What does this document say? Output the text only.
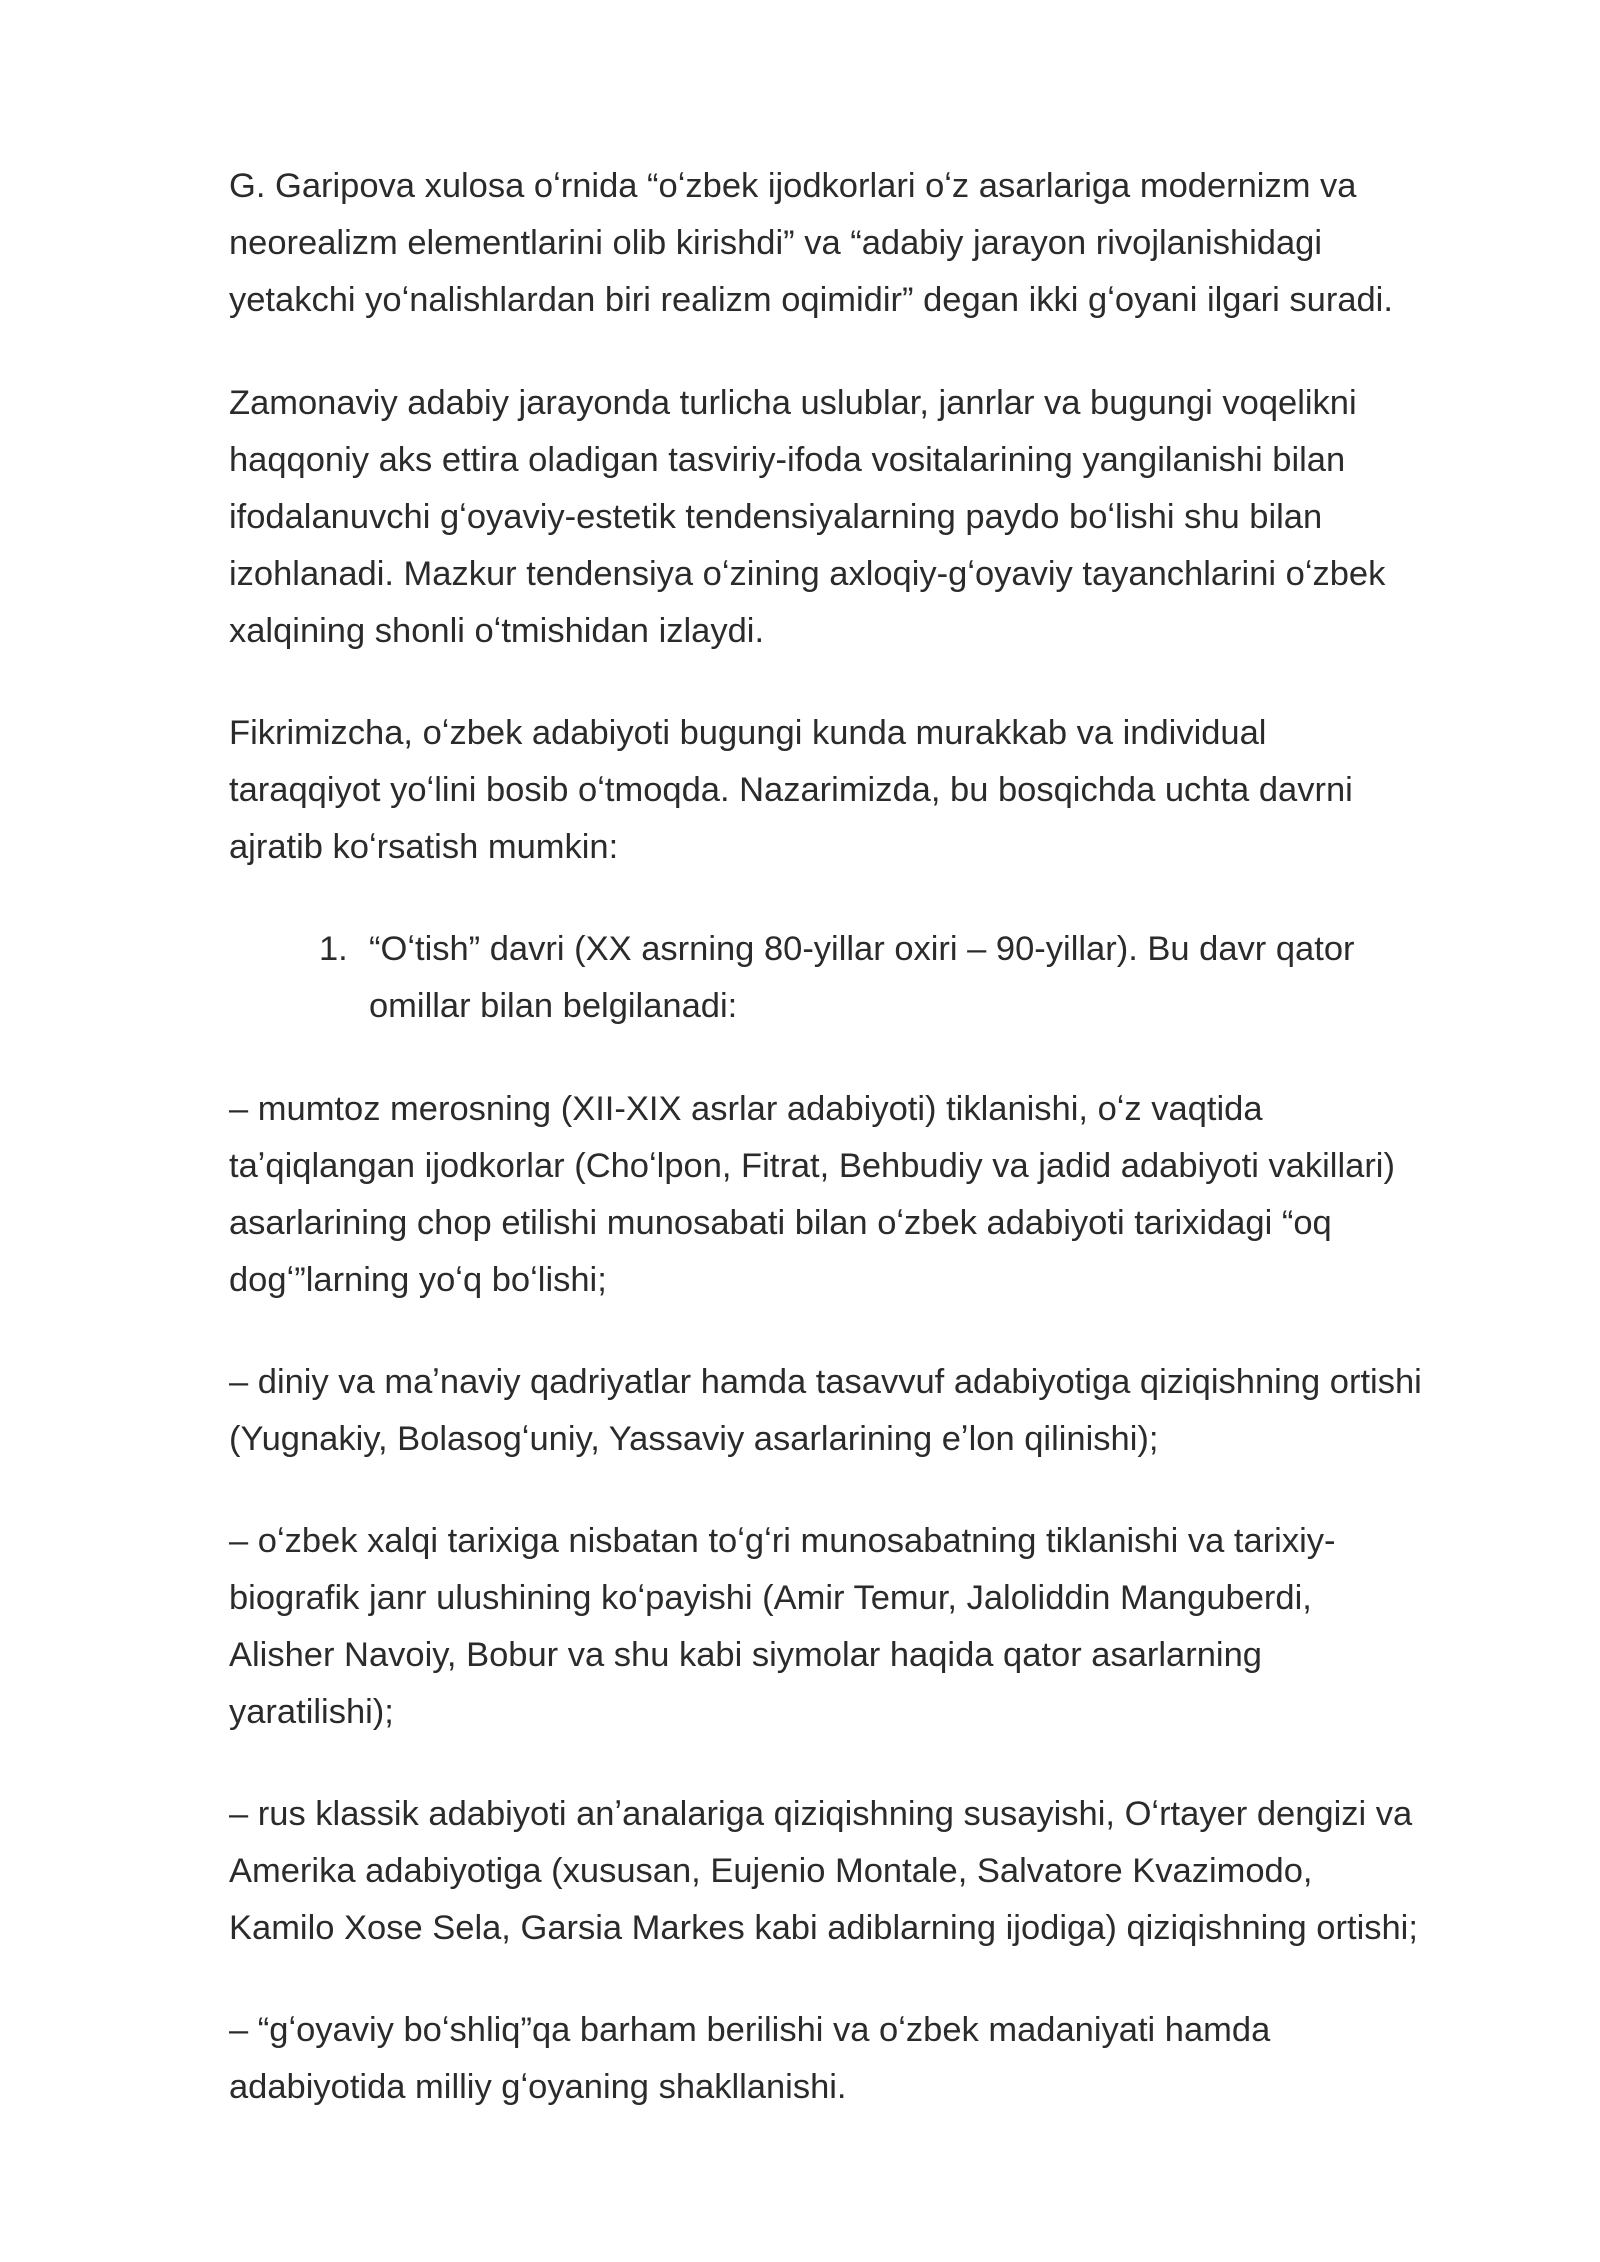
G. Garipova xulosa oʻrnida “oʻzbek ijodkorlari oʻz asarlariga modernizm va
neorealizm elementlarini olib kirishdi” va “adabiy jarayon rivojlanishidagi
yetakchi yoʻnalishlardan biri realizm oqimidir” degan ikki gʻoyani ilgari suradi.

Zamonaviy adabiy jarayonda turlicha uslublar, janrlar va bugungi voqelikni
haqqoniy aks ettira oladigan tasviriy-ifoda vositalarining yangilanishi bilan
ifodalanuvchi gʻoyaviy-estetik tendensiyalarning paydo boʻlishi shu bilan
izohlanadi. Mazkur tendensiya oʻzining axloqiy-gʻoyaviy tayanchlarini oʻzbek
xalqining shonli oʻtmishidan izlaydi.

Fikrimizcha, oʻzbek adabiyoti bugungi kunda murakkab va individual
taraqqiyot yoʻlini bosib oʻtmoqda. Nazarimizda, bu bosqichda uchta davrni
ajratib koʻrsatish mumkin:

1. “Oʻtish” davri (XX asrning 80-yillar oxiri – 90-yillar). Bu davr qator
omillar bilan belgilanadi:

– mumtoz merosning (XII-XIX asrlar adabiyoti) tiklanishi, oʻz vaqtida
taʼqiqlangan ijodkorlar (Choʻlpon, Fitrat, Behbudiy va jadid adabiyoti vakillari)
asarlarining chop etilishi munosabati bilan oʻzbek adabiyoti tarixidagi “oq
dogʻ”larning yoʻq boʻlishi;

– diniy va maʼnaviy qadriyatlar hamda tasavvuf adabiyotiga qiziqishning ortishi
(Yugnakiy, Bolasogʻuniy, Yassaviy asarlarining eʼlon qilinishi);

– oʻzbek xalqi tarixiga nisbatan toʻgʻri munosabatning tiklanishi va tarixiy-
biografik janr ulushining koʻpayishi (Amir Temur, Jaloliddin Manguberdi,
Alisher Navoiy, Bobur va shu kabi siymolar haqida qator asarlarning
yaratilishi);

– rus klassik adabiyoti anʼanalariga qiziqishning susayishi, Oʻrtayer dengizi va
Amerika adabiyotiga (xususan, Eujenio Montale, Salvatore Kvazimodo,
Kamilo Xose Sela, Garsia Markes kabi adiblarning ijodiga) qiziqishning ortishi;

– “gʻoyaviy boʻshliq”qa barham berilishi va oʻzbek madaniyati hamda
adabiyotida milliy gʻoyaning shakllanishi.
